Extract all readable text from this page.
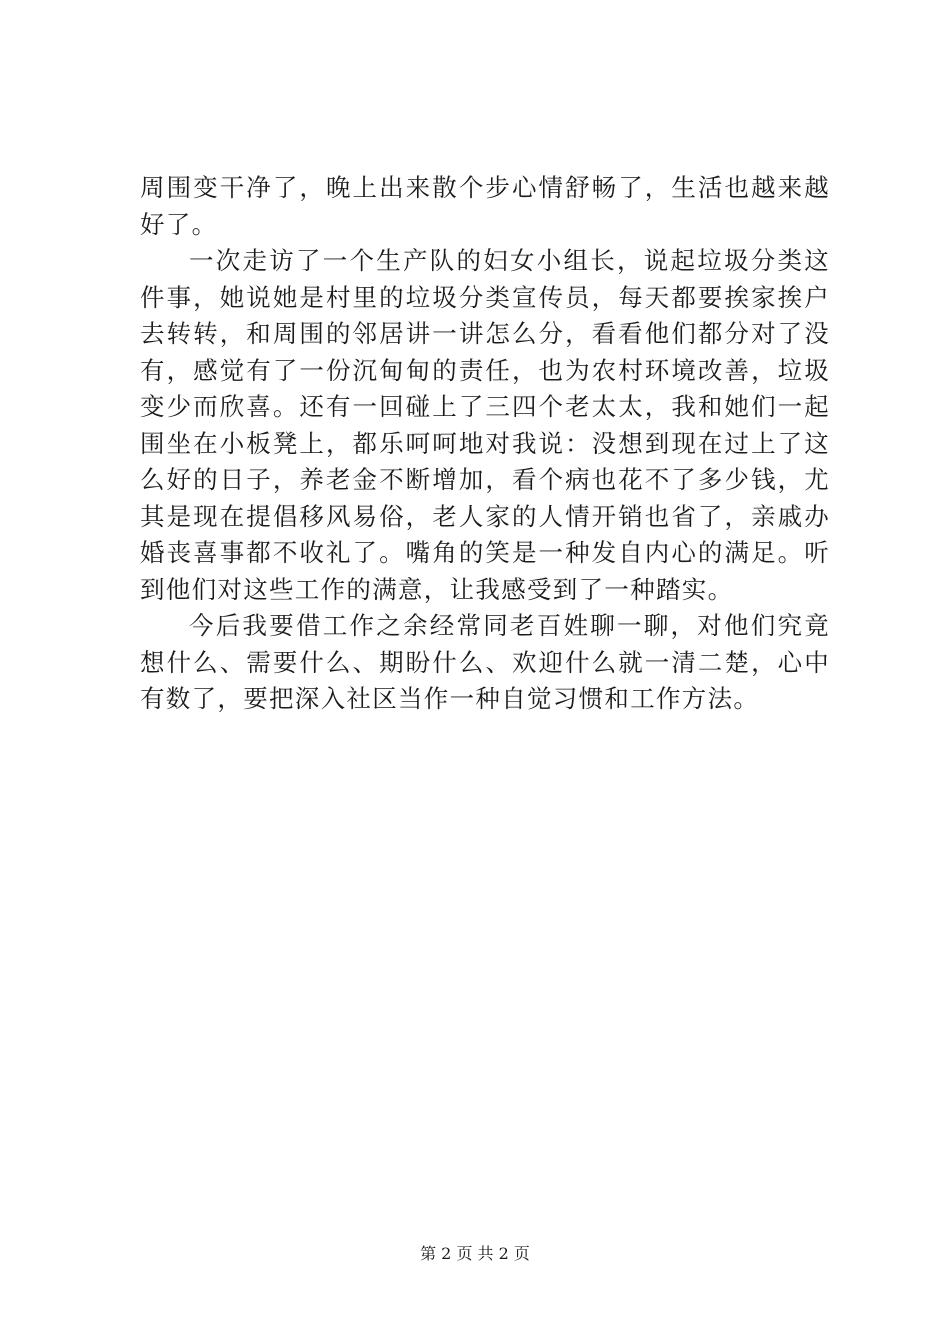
周围变干净了，晚上出来散个步心情舒畅了，生活也越来越好了。

一次走访了一个生产队的妇女小组长，说起垃圾分类这件事，她说她是村里的垃圾分类宣传员，每天都要挨家挨户去转转，和周围的邻居讲一讲怎么分，看看他们都分对了没有，感觉有了一份沉甸甸的责任，也为农村环境改善，垃圾变少而欣喜。还有一回碰上了三四个老太太，我和她们一起围坐在小板凳上，都乐呵呵地对我说：没想到现在过上了这么好的日子，养老金不断增加，看个病也花不了多少钱，尤其是现在提倡移风易俗，老人家的人情开销也省了，亲戚办婚丧喜事都不收礼了。嘴角的笑是一种发自内心的满足。听到他们对这些工作的满意，让我感受到了一种踏实。

今后我要借工作之余经常同老百姓聊一聊，对他们究竟想什么、需要什么、期盼什么、欢迎什么就一清二楚，心中有数了，要把深入社区当作一种自觉习惯和工作方法。

第 2 页 共 2 页
